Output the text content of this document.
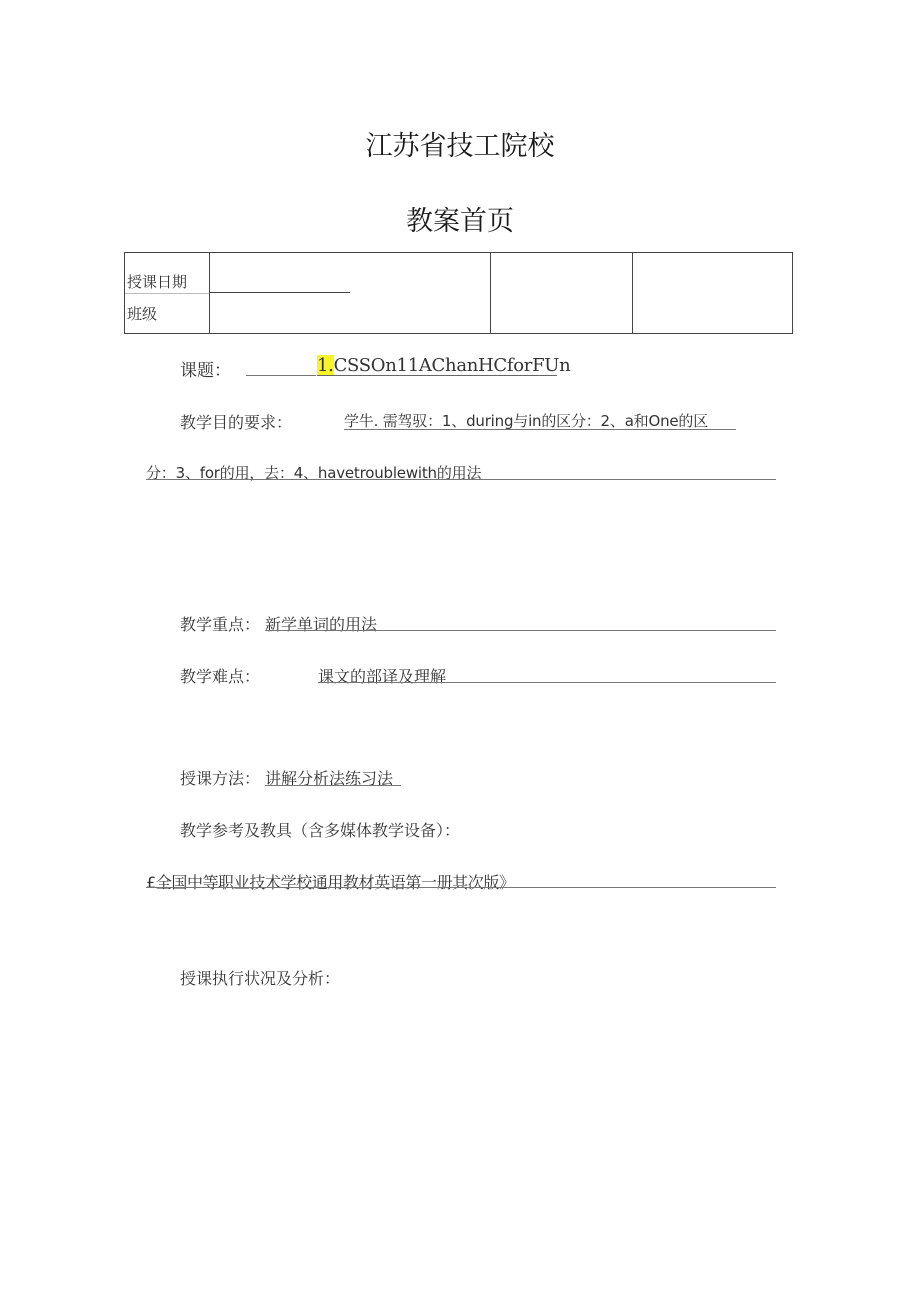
江苏省技工院校
教案首页
授课日期	

班级			
课题：	1.CSSOn11AChanHCforFUn
教学目的要求：	学牛. 需驾驭：1、during与in的区分：2、a和One的区
分：3、for的用，去：4、havetroublewith的用法
教学重点： 新学单词的用法
教学难点：	课文的部译及理解
授课方法： 讲解分析法练习法
教学参考及教具（含多媒体教学设备）：
£全国中等职业技术学校通用教材英语第一册其次版》
授课执行状况及分析：
